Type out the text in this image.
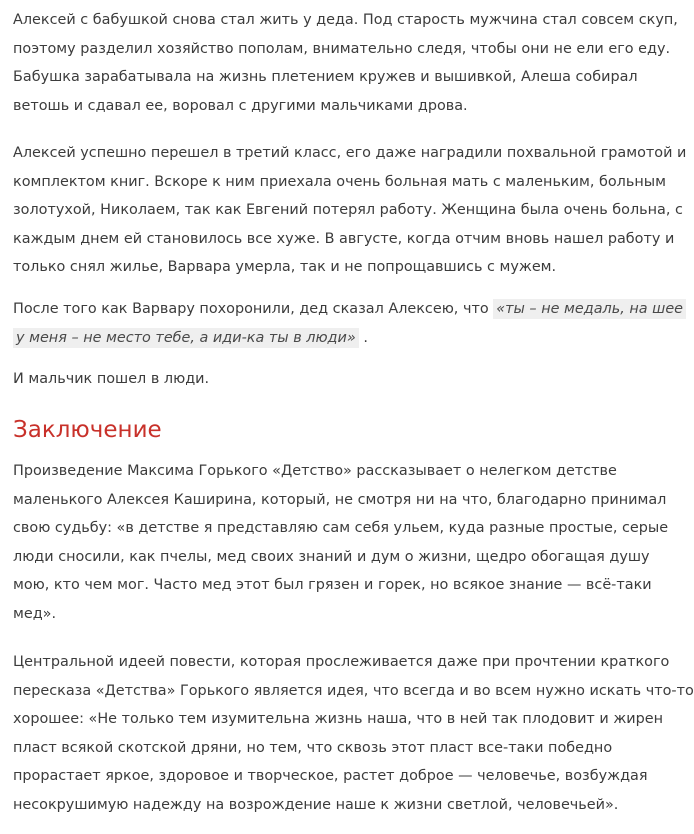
Алексей с бабушкой снова стал жить у деда. Под старость мужчина стал совсем скуп,
поэтому разделил хозяйство пополам, внимательно следя, чтобы они не ели его еду.
Бабушка зарабатывала на жизнь плетением кружев и вышивкой, Алеша собирал
ветошь и сдавал ее, воровал с другими мальчиками дрова.

Алексей успешно перешел в третий класс, его даже наградили похвальной грамотой и
комплектом книг. Вскоре к ним приехала очень больная мать с маленьким, больным
золотухой, Николаем, так как Евгений потерял работу. Женщина была очень больна, с
каждым днем ей становилось все хуже. В августе, когда отчим вновь нашел работу и
только снял жилье, Варвара умерла, так и не попрощавшись с мужем.

После того как Варвару похоронили, дед сказал Алексею, что «ты – не медаль, на шее
у меня – не место тебе, а иди-ка ты в люди» .

И мальчик пошел в люди.

Заключение

Произведение Максима Горького «Детство» рассказывает о нелегком детстве
маленького Алексея Каширина, который, не смотря ни на что, благодарно принимал
свою судьбу: «в детстве я представляю сам себя ульем, куда разные простые, серые
люди сносили, как пчелы, мед своих знаний и дум о жизни, щедро обогащая душу
мою, кто чем мог. Часто мед этот был грязен и горек, но всякое знание — всё-таки
мед».

Центральной идеей повести, которая прослеживается даже при прочтении краткого
пересказа «Детства» Горького является идея, что всегда и во всем нужно искать что-то
хорошее: «Не только тем изумительна жизнь наша, что в ней так плодовит и жирен
пласт всякой скотской дряни, но тем, что сквозь этот пласт все-таки победно
прорастает яркое, здоровое и творческое, растет доброе — человечье, возбуждая
несокрушимую надежду на возрождение наше к жизни светлой, человечьей».
